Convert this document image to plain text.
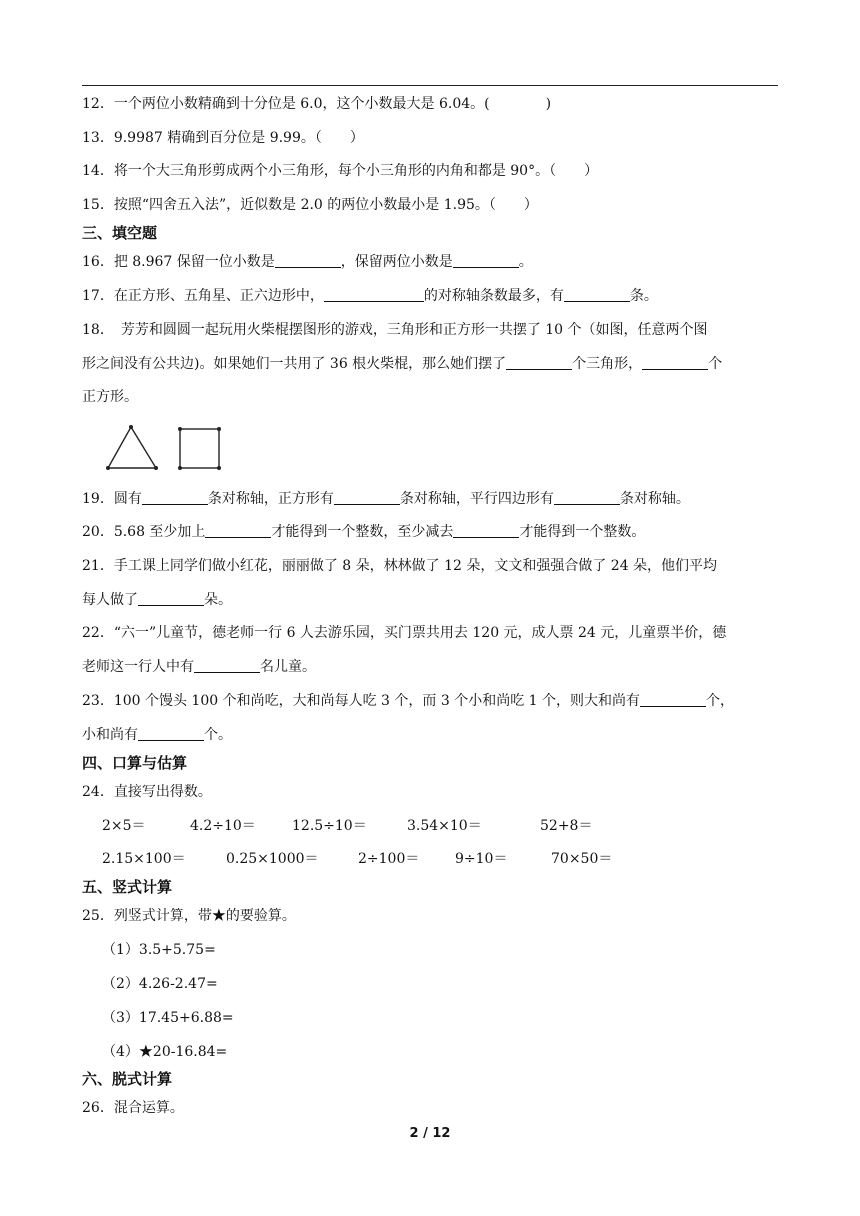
12．一个两位小数精确到十分位是 6.0，这个小数最大是 6.04。(　　　　)
13．9.9987 精确到百分位是 9.99。（　　）
14．将一个大三角形剪成两个小三角形，每个小三角形的内角和都是 90°。（　　）
15．按照“四舍五入法”，近似数是 2.0 的两位小数最小是 1.95。（　　）
三、填空题
16．把 8.967 保留一位小数是	，保留两位小数是	。
17．在正方形、五角星、正六边形中，	的对称轴条数最多，有	条。
18．　芳芳和圆圆一起玩用火柴棍摆图形的游戏，三角形和正方形一共摆了 10 个（如图，任意两个图
形之间没有公共边)。如果她们一共用了 36 根火柴棍，那么她们摆了	个三角形，	个
正方形。
19．圆有	条对称轴，正方形有	条对称轴，平行四边形有	条对称轴。
20．5.68 至少加上	才能得到一个整数，至少减去	才能得到一个整数。
21．手工课上同学们做小红花，丽丽做了 8 朵，林林做了 12 朵，文文和强强合做了 24 朵，他们平均
每人做了	朵。
22．“六一”儿童节，德老师一行 6 人去游乐园，买门票共用去 120 元，成人票 24 元，儿童票半价，德
老师这一行人中有	名儿童。
23．100 个馒头 100 个和尚吃，大和尚每人吃 3 个，而 3 个小和尚吃 1 个，则大和尚有	个，
小和尚有	个。
四、口算与估算
24．直接写出得数。
2×5＝	4.2÷10＝	12.5÷10＝	3.54×10＝	52+8＝
2.15×100＝	0.25×1000＝	2÷100＝	9÷10＝	70×50＝
五、竖式计算
25．列竖式计算，带★的要验算。
（1）3.5+5.75=
（2）4.26-2.47=
（3）17.45+6.88=
（4）★20-16.84=
六、脱式计算
26．混合运算。
2 / 12
